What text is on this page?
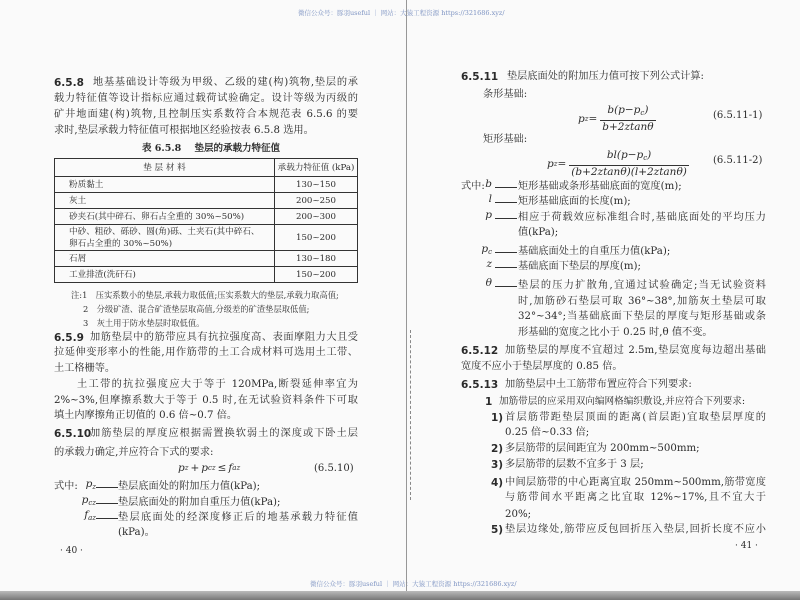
微信公众号：豚羽useful ｜ 网站：大猿工程资源 https://321686.xyz/
微信公众号：豚羽useful ｜ 网站：大猿工程资源 https://321686.xyz/
6.5.8 地基基础设计等级为甲级、乙级的建(构)筑物,垫层的承
载力特征值等设计指标应通过载荷试验确定。设计等级为丙级的
矿井地面建(构)筑物,且控制压实系数符合本规范表 6.5.6 的要
求时,垫层承载力特征值可根据地区经验按表 6.5.8 选用。
表 6.5.8 垫层的承载力特征值
垫 层 材 料	承载力特征值 (kPa)
粉质黏土	130~150
灰土	200~250
砂夹石(其中碎石、卵石占全重的 30%~50%)	200~300
中砂、粗砂、砾砂、圆(角)砾、土夹石(其中碎石、卵石占全重的 30%~50%)	150~200
石屑	130~180
工业排渣(洗矸石)	150~200
注:1　压实系数小的垫层,承载力取低值;压实系数大的垫层,承载力取高值;
2　分级矿渣、混合矿渣垫层取高值,分级差的矿渣垫层取低值;
3　灰土用于防水垫层时取低值。
6.5.9 加筋垫层中的筋带应具有抗拉强度高、表面摩阻力大且受
拉延伸变形率小的性能,用作筋带的土工合成材料可选用土工带、
土工格栅等。
土工带的抗拉强度应大于等于 120MPa,断裂延伸率宜为
2%~3%,但摩擦系数大于等于 0.5 时,在无试验资料条件下可取
填土内摩擦角正切值的 0.6 倍~0.7 倍。
6.5.10
加筋垫层的厚度应根据需置换软弱土的深度或下卧土层
的承载力确定,并应符合下式的要求:
p z + p cz ≤ f az	(6.5.10)
式中: $p_z$ 垫层底面处的附加压力值(kPa);
$p_{cz}$ 垫层底面处的附加自重压力值(kPa);
$f_{az}$ 垫层底面处的经深度修正后的地基承载力特征值
(kPa)。
· 40 ·
6.5.11 垫层底面处的附加压力值可按下列公式计算:
条形基础:
p $z = \frac{b(p-p_c)}{b+2ztan\theta}$	(6.5.11-1)
矩形基础:
p $z = \frac{bl(p-p_c)}{(b+2ztan\theta)(l+2ztan\theta)} (6.5.11-2)$
式中: b	矩形基础或条形基础底面的宽度(m);
l	矩形基础底面的长度(m);
p	相应于荷载效应标准组合时,基础底面处的平均压力
值(kPa);
$p_c$	基础底面处土的自重压力值(kPa);
z	基础底面下垫层的厚度(m);
θ	垫层的压力扩散角,宜通过试验确定;当无试验资料
时,加筋砂石垫层可取 36°~38°,加筋灰土垫层可取
32°~34°;当基础底面下垫层的厚度与矩形基础或条
形基础的宽度之比小于 0.25 时,θ 值不变。
6.5.12 加筋垫层的厚度不宜超过 2.5m,垫层宽度每边超出基础
宽度不应小于垫层厚度的 0.85 倍。
6.5.13 加筋垫层中土工筋带布置应符合下列要求:
1 加筋带层的应采用双向编网格编织敷设,并应符合下列要求:
1) 首层筋带距垫层顶面的距离(首层距)宜取垫层厚度的
0.25 倍~0.33 倍;
2) 多层筋带的层间距宜为 200mm~500mm;
3) 多层筋带的层数不宜多于 3 层;
4) 中间层筋带的中心距离宜取 250mm~500mm,筋带宽度
与筋带间水平距离之比宜取 12%~17%,且不宜大于
20%;
5) 垫层边缘处,筋带应反包回折压入垫层,回折长度不应小
· 41 ·
